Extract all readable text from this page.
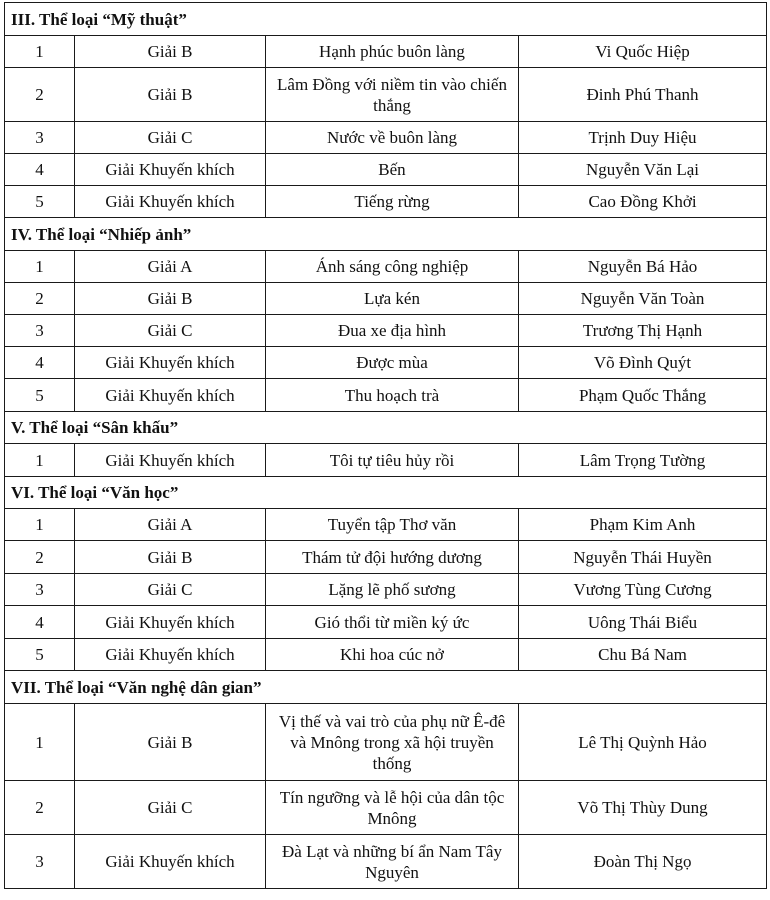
III. Thể loại “Mỹ thuật”			
1	Giải B	Hạnh phúc buôn làng	Vi Quốc Hiệp
2	Giải B	Lâm Đồng với niềm tin vào chiến thắng	Đinh Phú Thanh
3	Giải C	Nước về buôn làng	Trịnh Duy Hiệu
4	Giải Khuyến khích	Bến	Nguyễn Văn Lại
5	Giải Khuyến khích	Tiếng rừng	Cao Đồng Khởi
IV. Thể loại “Nhiếp ảnh”			
1	Giải A	Ánh sáng công nghiệp	Nguyễn Bá Hảo
2	Giải B	Lựa kén	Nguyễn Văn Toàn
3	Giải C	Đua xe địa hình	Trương Thị Hạnh
4	Giải Khuyến khích	Được mùa	Võ Đình Quýt
5	Giải Khuyến khích	Thu hoạch trà	Phạm Quốc Thắng
V. Thể loại “Sân khấu”			
1	Giải Khuyến khích	Tôi tự tiêu hủy rồi	Lâm Trọng Tường
VI. Thể loại “Văn học”			
1	Giải A	Tuyển tập Thơ văn	Phạm Kim Anh
2	Giải B	Thám tử đội hướng dương	Nguyễn Thái Huyền
3	Giải C	Lặng lẽ phố sương	Vương Tùng Cương
4	Giải Khuyến khích	Gió thổi từ miền ký ức	Uông Thái Biểu
5	Giải Khuyến khích	Khi hoa cúc nở	Chu Bá Nam
VII. Thể loại “Văn nghệ dân gian”			
1	Giải B	Vị thế và vai trò của phụ nữ Ê-đê và Mnông trong xã hội truyền thống	Lê Thị Quỳnh Hảo
2	Giải C	Tín ngưỡng và lễ hội của dân tộc Mnông	Võ Thị Thùy Dung
3	Giải Khuyến khích	Đà Lạt và những bí ẩn Nam Tây Nguyên	Đoàn Thị Ngọ
